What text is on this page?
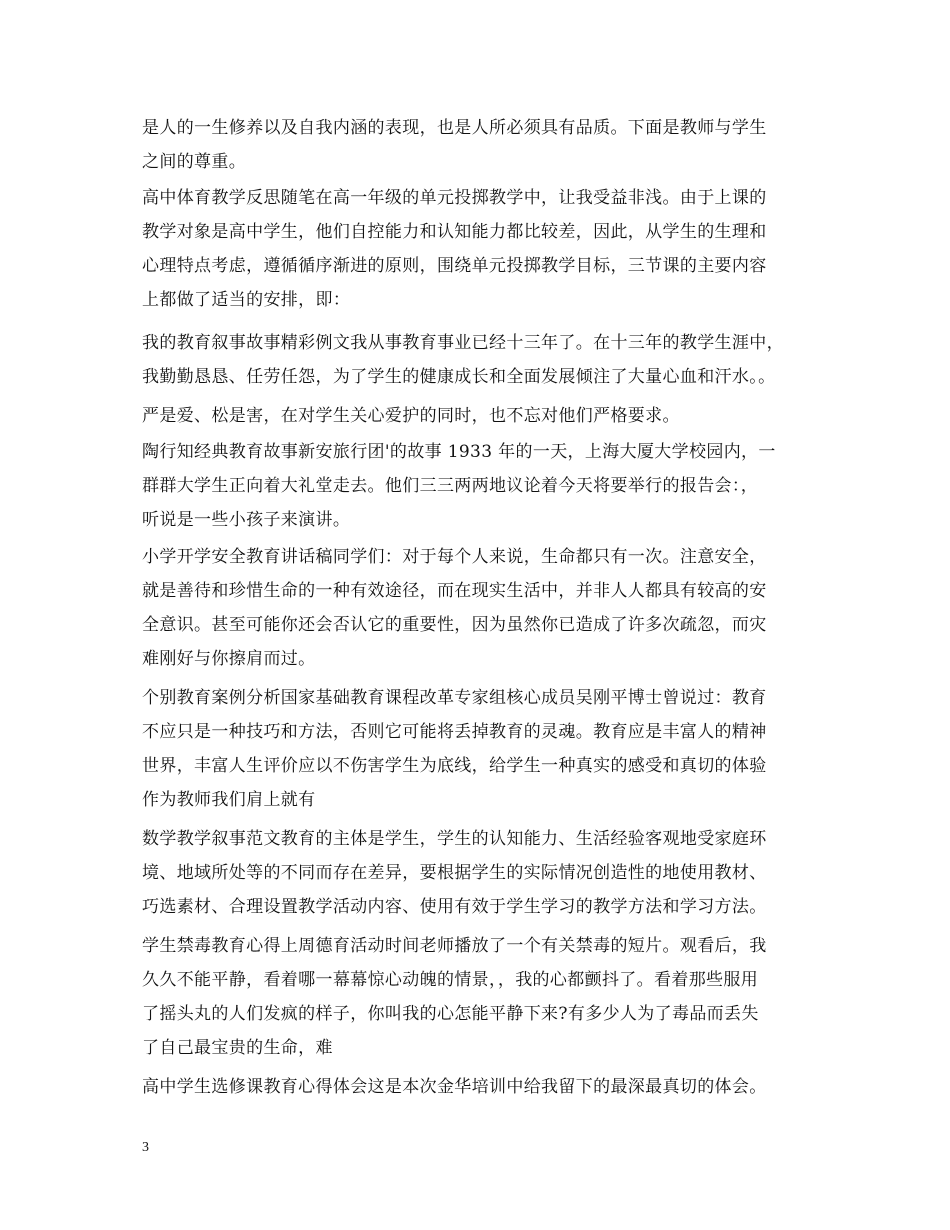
是人的一生修养以及自我内涵的表现，也是人所必须具有品质。下面是教师与学生
之间的尊重。
高中体育教学反思随笔在高一年级的单元投掷教学中，让我受益非浅。由于上课的
教学对象是高中学生，他们自控能力和认知能力都比较差，因此，从学生的生理和
心理特点考虑，遵循循序渐进的原则，围绕单元投掷教学目标，三节课的主要内容
上都做了适当的安排，即：
我的教育叙事故事精彩例文我从事教育事业已经十三年了。在十三年的教学生涯中，
我勤勤恳恳、任劳任怨，为了学生的健康成长和全面发展倾注了大量心血和汗水。。
严是爱、松是害，在对学生关心爱护的同时，也不忘对他们严格要求。
陶行知经典教育故事新安旅行团'的故事 1933 年的一天，上海大厦大学校园内，一
群群大学生正向着大礼堂走去。他们三三两两地议论着今天将要举行的报告会：，
听说是一些小孩子来演讲。
小学开学安全教育讲话稿同学们：对于每个人来说，生命都只有一次。注意安全，
就是善待和珍惜生命的一种有效途径，而在现实生活中，并非人人都具有较高的安
全意识。甚至可能你还会否认它的重要性，因为虽然你已造成了许多次疏忽，而灾
难刚好与你擦肩而过。
个别教育案例分析国家基础教育课程改革专家组核心成员吴刚平博士曾说过：教育
不应只是一种技巧和方法，否则它可能将丢掉教育的灵魂。教育应是丰富人的精神
世界，丰富人生评价应以不伤害学生为底线，给学生一种真实的感受和真切的体验
作为教师我们肩上就有
数学教学叙事范文教育的主体是学生，学生的认知能力、生活经验客观地受家庭环
境、地域所处等的不同而存在差异，要根据学生的实际情况创造性的地使用教材、
巧选素材、合理设置教学活动内容、使用有效于学生学习的教学方法和学习方法。
学生禁毒教育心得上周德育活动时间老师播放了一个有关禁毒的短片。观看后，我
久久不能平静，看着哪一幕幕惊心动魄的情景，，我的心都颤抖了。看着那些服用
了摇头丸的人们发疯的样子，你叫我的心怎能平静下来?有多少人为了毒品而丢失
了自己最宝贵的生命，难
高中学生选修课教育心得体会这是本次金华培训中给我留下的最深最真切的体会。
3
